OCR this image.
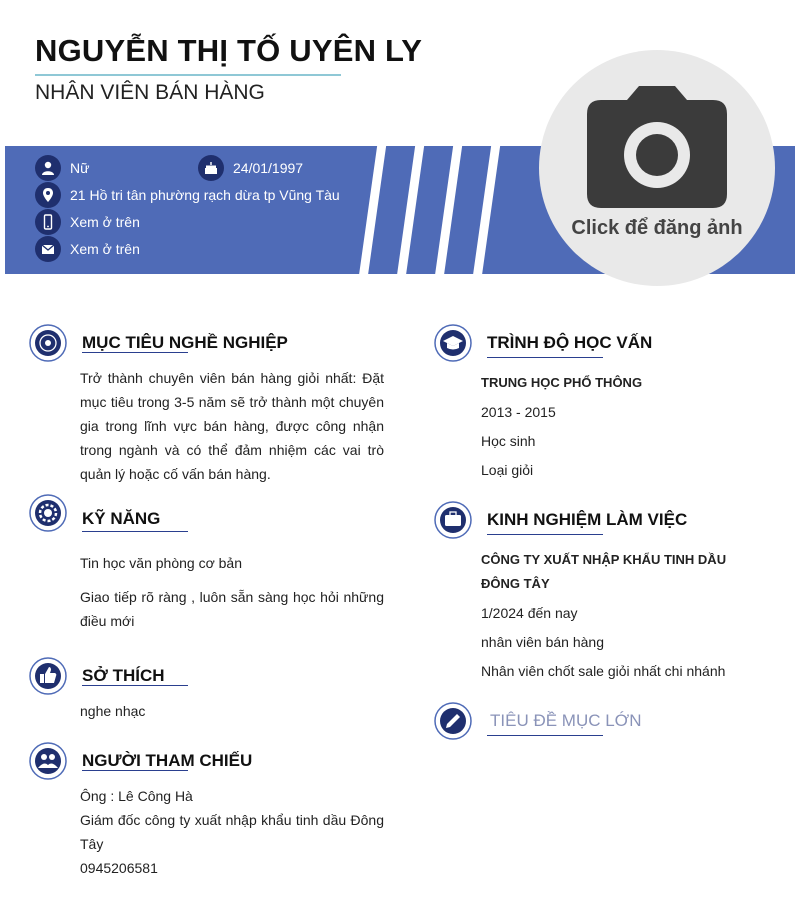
NGUYỄN THỊ TỐ UYÊN LY
NHÂN VIÊN BÁN HÀNG
Nữ	24/01/1997
21 Hồ tri tân phường rạch dừa tp Vũng Tàu
Xem ở trên
Xem ở trên
Click để đăng ảnh
MỤC TIÊU NGHỀ NGHIỆP
Trở thành chuyên viên bán hàng giỏi nhất: Đặt mục tiêu trong 3-5 năm sẽ trở thành một chuyên gia trong lĩnh vực bán hàng, được công nhận trong ngành và có thể đảm nhiệm các vai trò quản lý hoặc cố vấn bán hàng.
KỸ NĂNG
Tin học văn phòng cơ bản
Giao tiếp rõ ràng , luôn sẵn sàng học hỏi những điều mới
SỞ THÍCH
nghe nhạc
NGƯỜI THAM CHIẾU
Ông : Lê Công Hà
Giám đốc công ty xuất nhập khẩu tinh dầu Đông Tây
0945206581
TRÌNH ĐỘ HỌC VẤN
TRUNG HỌC PHỔ THÔNG
2013 - 2015
Học sinh
Loại giỏi
KINH NGHIỆM LÀM VIỆC
CÔNG TY XUẤT NHẬP KHẨU TINH DẦU ĐÔNG TÂY
1/2024 đến nay
nhân viên bán hàng
Nhân viên chốt sale giỏi nhất chi nhánh
TIÊU ĐỀ MỤC LỚN
